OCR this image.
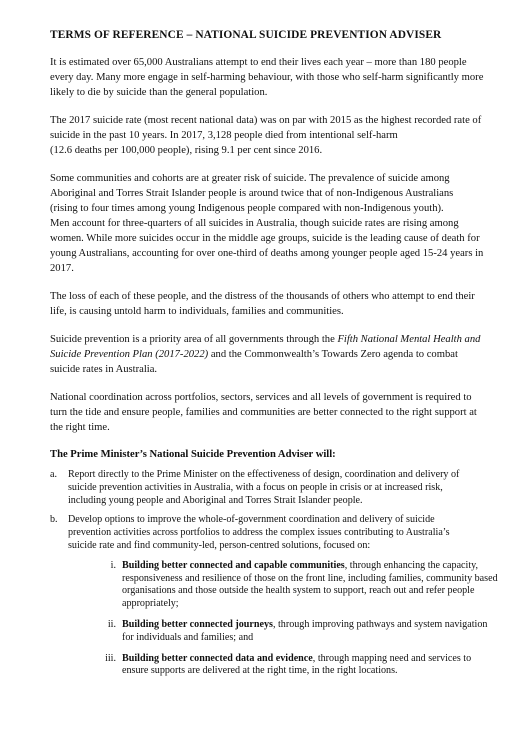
TERMS OF REFERENCE – NATIONAL SUICIDE PREVENTION ADVISER

It is estimated over 65,000 Australians attempt to end their lives each year – more than 180 people
every day. Many more engage in self-harming behaviour, with those who self-harm significantly more
likely to die by suicide than the general population.

The 2017 suicide rate (most recent national data) was on par with 2015 as the highest recorded rate of
suicide in the past 10 years. In 2017, 3,128 people died from intentional self-harm
(12.6 deaths per 100,000 people), rising 9.1 per cent since 2016.

Some communities and cohorts are at greater risk of suicide. The prevalence of suicide among
Aboriginal and Torres Strait Islander people is around twice that of non-Indigenous Australians
(rising to four times among young Indigenous people compared with non-Indigenous youth).
Men account for three-quarters of all suicides in Australia, though suicide rates are rising among
women. While more suicides occur in the middle age groups, suicide is the leading cause of death for
young Australians, accounting for over one-third of deaths among younger people aged 15-24 years in
2017.

The loss of each of these people, and the distress of the thousands of others who attempt to end their
life, is causing untold harm to individuals, families and communities.

Suicide prevention is a priority area of all governments through the Fifth National Mental Health and
Suicide Prevention Plan (2017-2022) and the Commonwealth’s Towards Zero agenda to combat
suicide rates in Australia.

National coordination across portfolios, sectors, services and all levels of government is required to
turn the tide and ensure people, families and communities are better connected to the right support at
the right time.

The Prime Minister’s National Suicide Prevention Adviser will:
a. Report directly to the Prime Minister on the effectiveness of design, coordination and delivery of
suicide prevention activities in Australia, with a focus on people in crisis or at increased risk,
including young people and Aboriginal and Torres Strait Islander people.
b. Develop options to improve the whole-of-government coordination and delivery of suicide
prevention activities across portfolios to address the complex issues contributing to Australia’s
suicide rate and find community-led, person-centred solutions, focused on:
i. Building better connected and capable communities, through enhancing the capacity,
responsiveness and resilience of those on the front line, including families, community based
organisations and those outside the health system to support, reach out and refer people
appropriately;
ii. Building better connected journeys, through improving pathways and system navigation
for individuals and families; and
iii. Building better connected data and evidence, through mapping need and services to
ensure supports are delivered at the right time, in the right locations.
